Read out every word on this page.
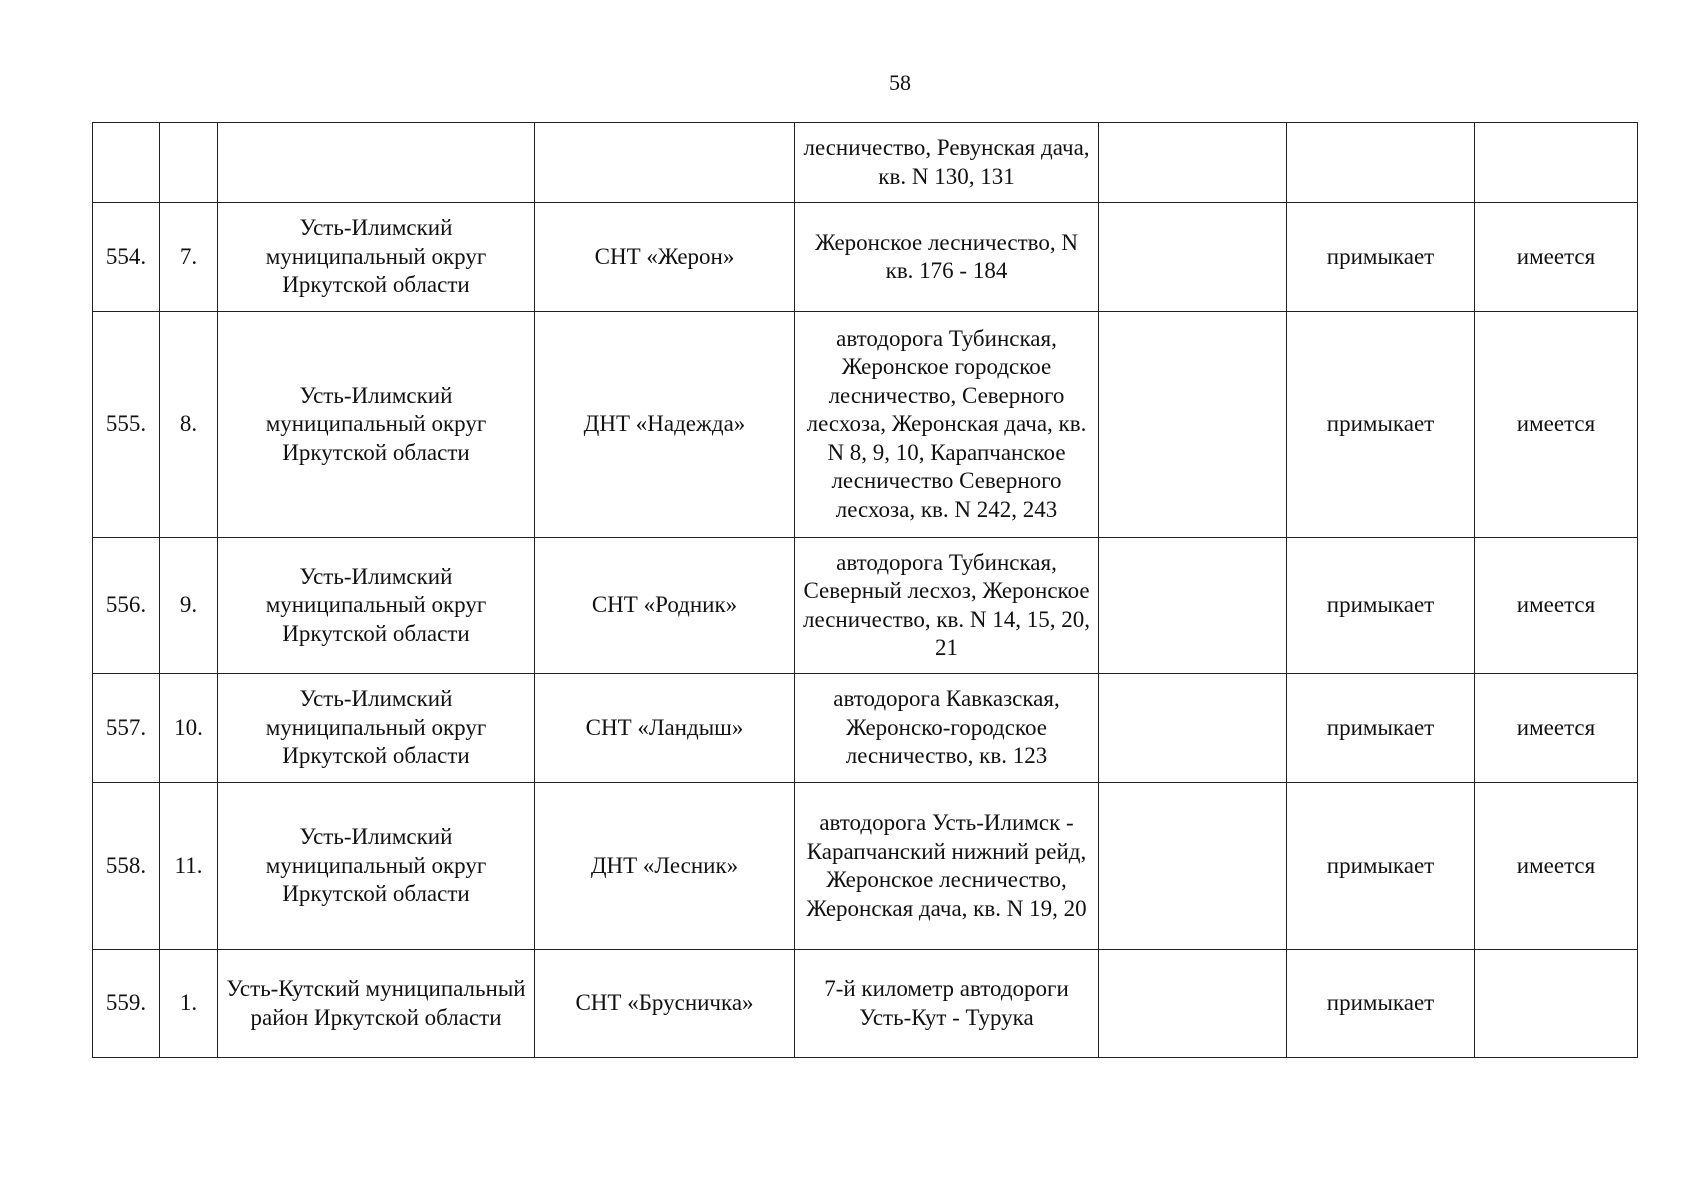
58
				лесничество, Ревунская дача, кв. N 130, 131			
554.	7.	Усть-Илимский муниципальный округ Иркутской области	СНТ «Жерон»	Жеронское лесничество, N кв. 176 - 184		примыкает	имеется
555.	8.	Усть-Илимский муниципальный округ Иркутской области	ДНТ «Надежда»	автодорога Тубинская, Жеронское городское лесничество, Северного лесхоза, Жеронская дача, кв. N 8, 9, 10, Карапчанское лесничество Северного лесхоза, кв. N 242, 243		примыкает	имеется
556.	9.	Усть-Илимский муниципальный округ Иркутской области	СНТ «Родник»	автодорога Тубинская, Северный лесхоз, Жеронское лесничество, кв. N 14, 15, 20, 21		примыкает	имеется
557.	10.	Усть-Илимский муниципальный округ Иркутской области	СНТ «Ландыш»	автодорога Кавказская, Жеронско-городское лесничество, кв. 123		примыкает	имеется
558.	11.	Усть-Илимский муниципальный округ Иркутской области	ДНТ «Лесник»	автодорога Усть-Илимск - Карапчанский нижний рейд, Жеронское лесничество, Жеронская дача, кв. N 19, 20		примыкает	имеется
559.	1.	Усть-Кутский муниципальный район Иркутской области	СНТ «Брусничка»	7-й километр автодороги Усть-Кут - Турука		примыкает	
